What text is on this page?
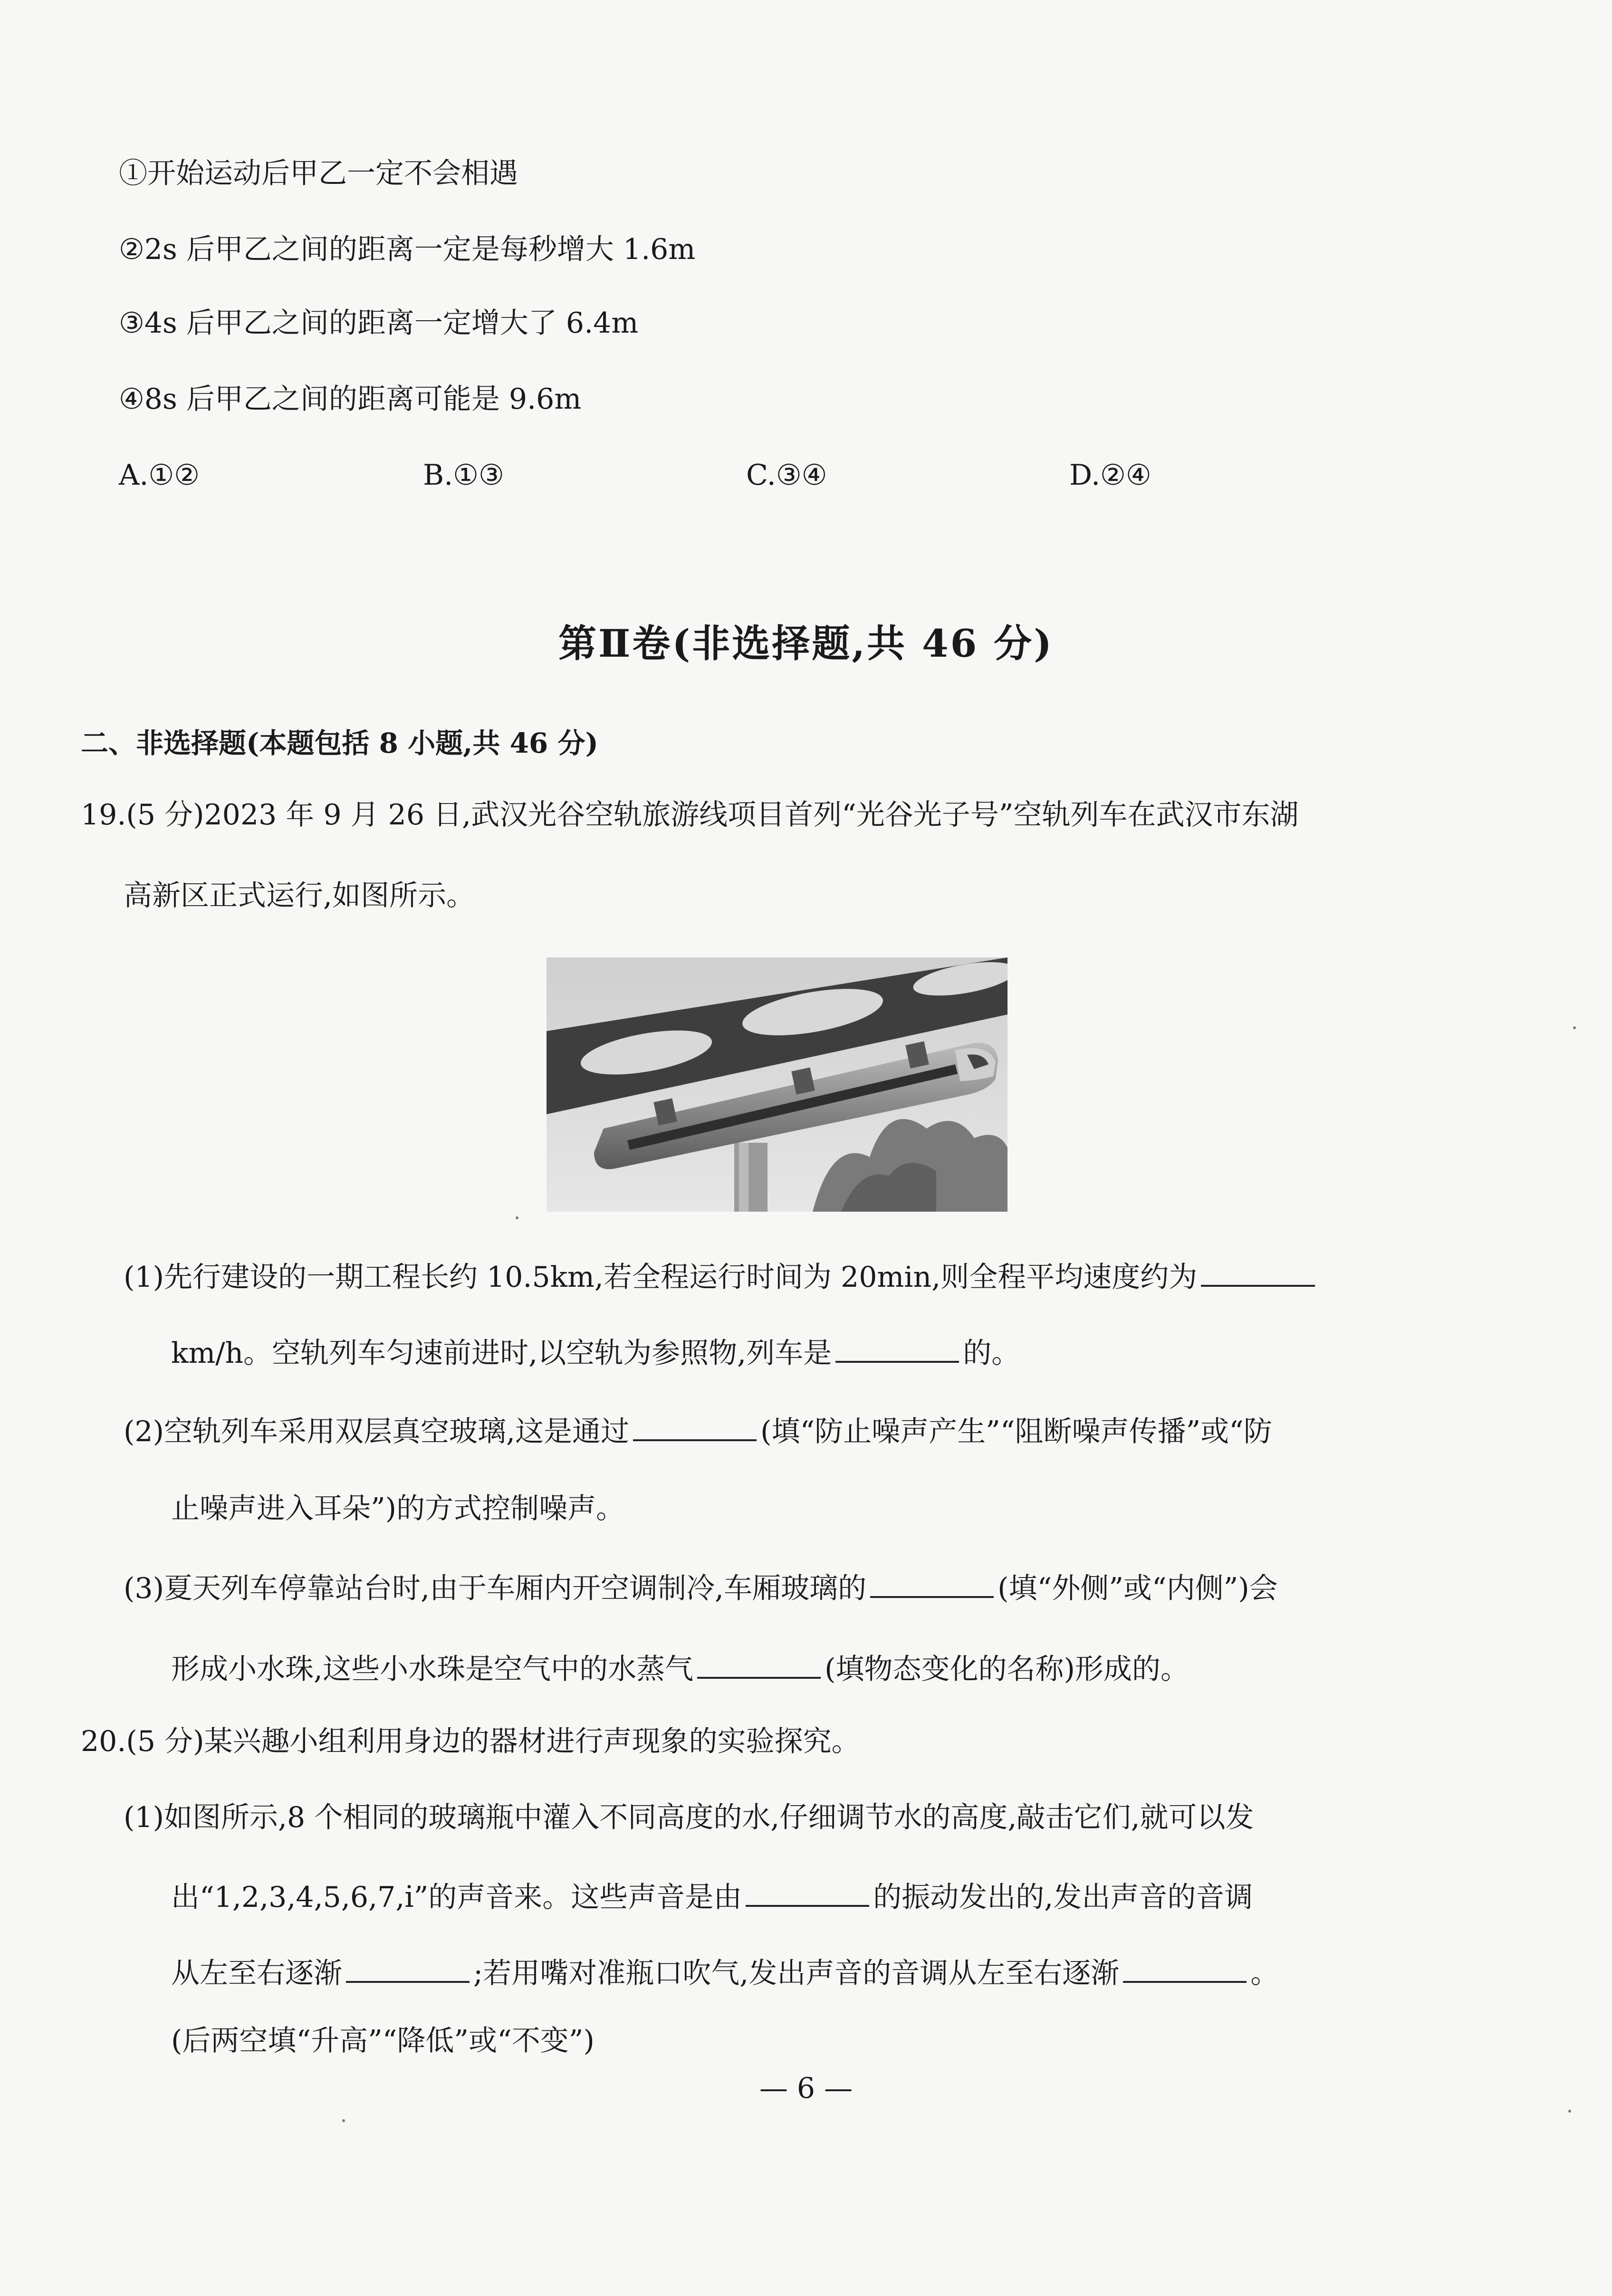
①开始运动后甲乙一定不会相遇
②2s 后甲乙之间的距离一定是每秒增大 1.6m
③4s 后甲乙之间的距离一定增大了 6.4m
④8s 后甲乙之间的距离可能是 9.6m
A.①②	B.①③	C.③④	D.②④
第Ⅱ卷(非选择题,共 46 分)
二、非选择题(本题包括 8 小题,共 46 分)
19.(5 分)2023 年 9 月 26 日,武汉光谷空轨旅游线项目首列“光谷光子号”空轨列车在武汉市东湖
高新区正式运行,如图所示。
(1)先行建设的一期工程长约 10.5km,若全程运行时间为 20min,则全程平均速度约为
km/h。空轨列车匀速前进时,以空轨为参照物,列车是	的。
(2)空轨列车采用双层真空玻璃,这是通过	(填“防止噪声产生”“阻断噪声传播”或“防
止噪声进入耳朵”)的方式控制噪声。
(3)夏天列车停靠站台时,由于车厢内开空调制冷,车厢玻璃的	(填“外侧”或“内侧”)会
形成小水珠,这些小水珠是空气中的水蒸气	(填物态变化的名称)形成的。
20.(5 分)某兴趣小组利用身边的器材进行声现象的实验探究。
(1)如图所示,8 个相同的玻璃瓶中灌入不同高度的水,仔细调节水的高度,敲击它们,就可以发
出“1,2,3,4,5,6,7,i̇”的声音来。这些声音是由	的振动发出的,发出声音的音调
从左至右逐渐	;若用嘴对准瓶口吹气,发出声音的音调从左至右逐渐	。
(后两空填“升高”“降低”或“不变”)
— 6 —
